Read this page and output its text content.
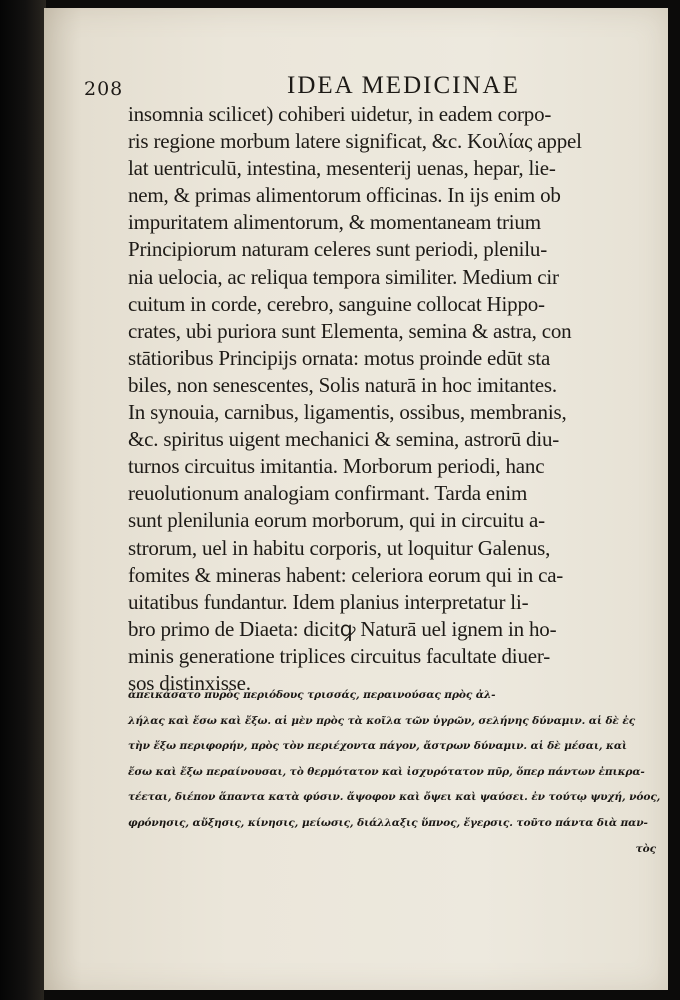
208	IDEA MEDICINAE
insomnia scilicet) cohiberi uidetur, in eadem corpo-
ris regione morbum latere significat, &c. Κοιλίας appel
lat uentriculū, intestina, mesenterij uenas, hepar, lie-
nem, & primas alimentorum officinas. In ijs enim ob
impuritatem alimentorum, & momentaneam trium
Principiorum naturam celeres sunt periodi, plenilu-
nia uelocia, ac reliqua tempora similiter. Medium cir
cuitum in corde, cerebro, sanguine collocat Hippo-
crates, ubi puriora sunt Elementa, semina & astra, con
stātioribus Principijs ornata: motus proinde edūt sta
biles, non senescentes, Solis naturā in hoc imitantes.
In synouia, carnibus, ligamentis, ossibus, membranis,
&c. spiritus uigent mechanici & semina, astrorū diu-
turnos circuitus imitantia. Morborum periodi, hanc
reuolutionum analogiam confirmant. Tarda enim
sunt plenilunia eorum morborum, qui in circuitu a-
strorum, uel in habitu corporis, ut loquitur Galenus,
fomites & mineras habent: celeriora eorum qui in ca-
uitatibus fundantur. Idem planius interpretatur li-
bro primo de Diaeta: dicitꝙ Naturā uel ignem in ho-
minis generatione triplices circuitus facultate diuer-
sos distinxisse.
ἀπεικάσατο πυρὸς περιόδους τρισσάς, περαινούσας πρὸς ἀλ-
λήλας καὶ ἔσω καὶ ἔξω. αἱ μὲν πρὸς τὰ κοῖλα τῶν ὑγρῶν, σελήνης δύναμιν. αἱ δὲ ἐς
τὴν ἔξω περιφορήν, πρὸς τὸν περιέχοντα πάγον, ἄστρων δύναμιν. αἱ δὲ μέσαι, καὶ
ἔσω καὶ ἔξω περαίνουσαι, τὸ θερμότατον καὶ ἰσχυρότατον πῦρ, ὅπερ πάντων ἐπικρα-
τέεται, διέπον ἅπαντα κατὰ φύσιν. ἄψοφον καὶ ὄψει καὶ ψαύσει. ἐν τούτῳ ψυχή, νόος,
φρόνησις, αὔξησις, κίνησις, μείωσις, διάλλαξις ὕπνος, ἔγερσις. τοῦτο πάντα διὰ παν-
τὸς
